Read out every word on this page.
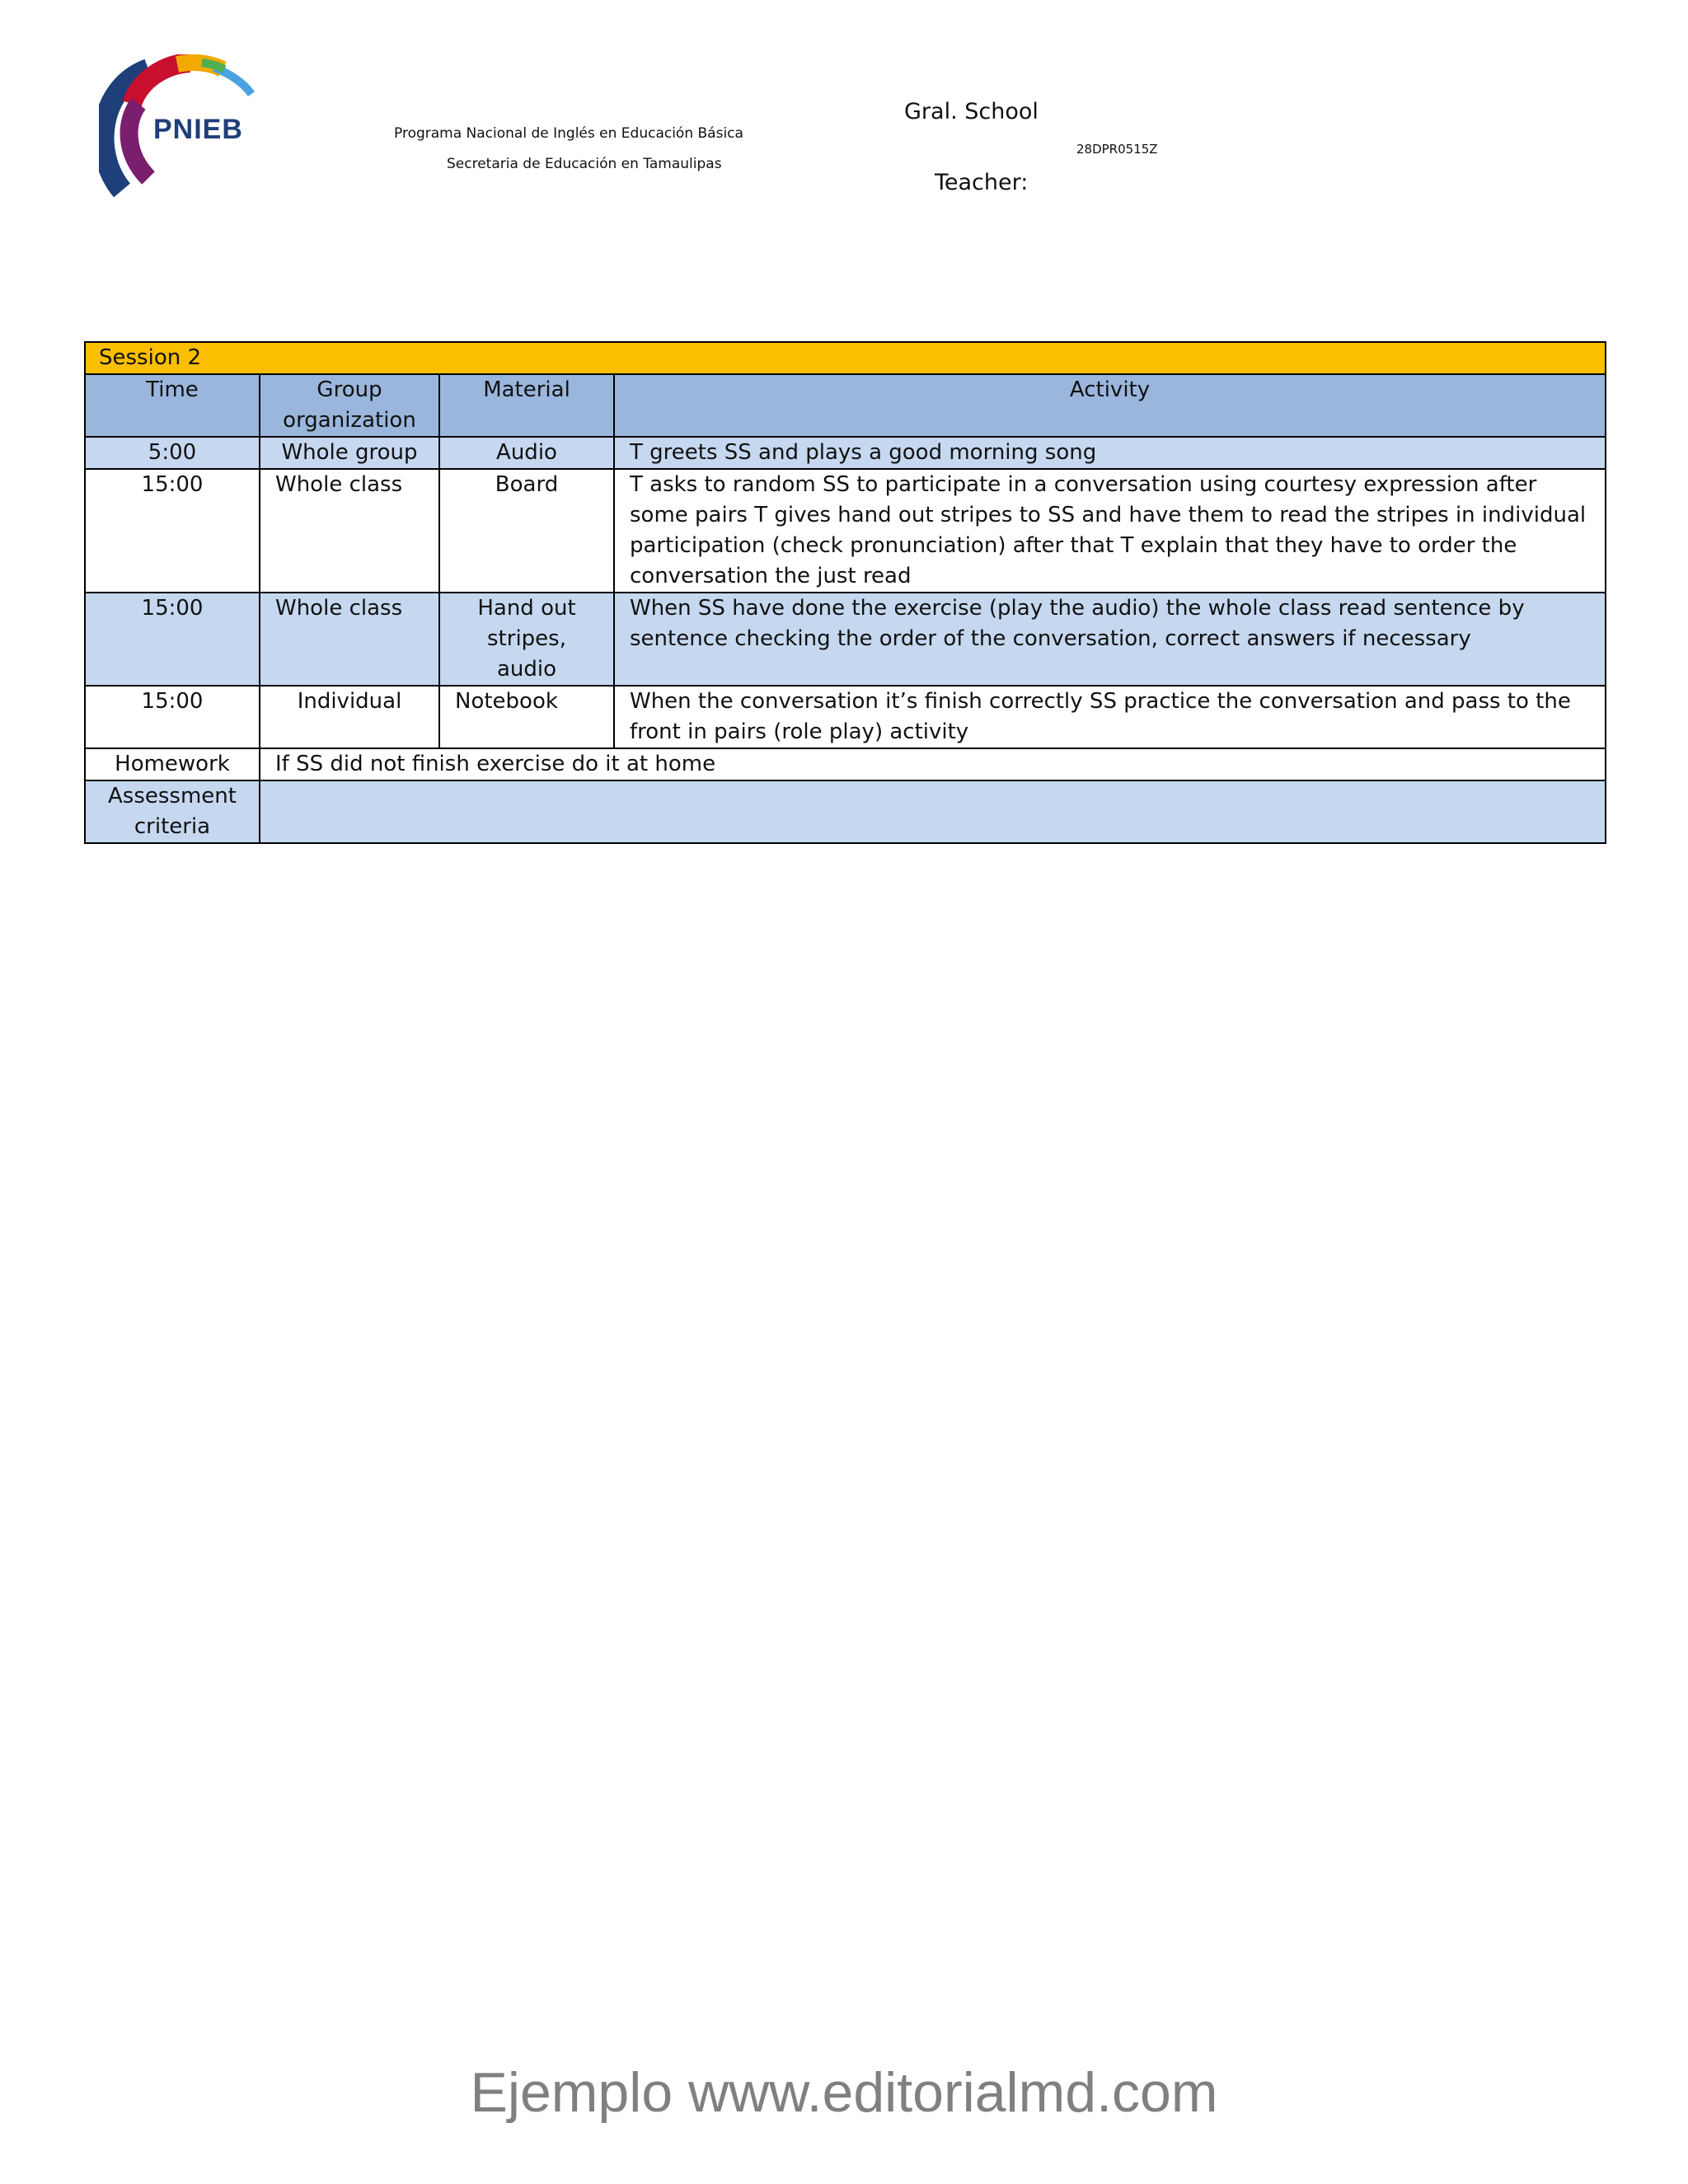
PNIEB	Programa Nacional de Inglés en Educación Básica
Secretaria de Educación en Tamaulipas
Gral. School
28DPR0515Z
Teacher:
Session 2			
Time	Group organization	Material	Activity
5:00	Whole group	Audio	T greets SS and plays a good morning song
15:00	Whole class	Board	T asks to random SS to participate in a conversation using courtesy expression after some pairs T gives hand out stripes to SS and have them to read the stripes in individual participation (check pronunciation) after that T explain that they have to order the conversation the just read
15:00	Whole class	Hand out stripes, audio	When SS have done the exercise (play the audio) the whole class read sentence by sentence checking the order of the conversation, correct answers if necessary
15:00	Individual	Notebook	When the conversation it’s finish correctly SS practice the conversation and pass to the front in pairs (role play) activity
Homework	If SS did not finish exercise do it at home		
Assessment criteria			
Ejemplo www.editorialmd.com
